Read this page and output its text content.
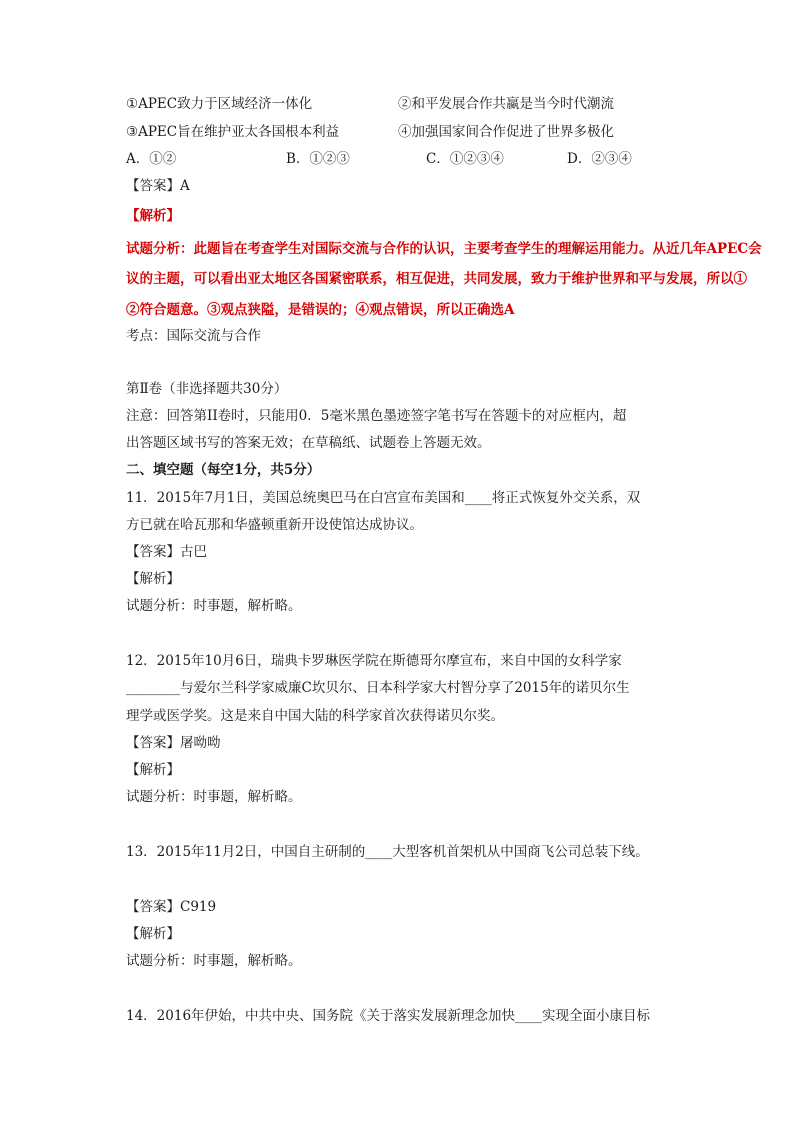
①APEC致力于区域经济一体化	②和平发展合作共赢是当今时代潮流
③APEC旨在维护亚太各国根本利益	④加强国家间合作促进了世界多极化
A．①②	B．①②③	C．①②③④	D．②③④
【答案】A
【解析】
试题分析：此题旨在考查学生对国际交流与合作的认识，主要考查学生的理解运用能力。从近几年APEC会
议的主题，可以看出亚太地区各国紧密联系，相互促进，共同发展，致力于维护世界和平与发展，所以①
②符合题意。③观点狭隘，是错误的；④观点错误，所以正确选A
考点：国际交流与合作
第Ⅱ卷（非选择题共30分）
注意：回答第II卷时，只能用0．5毫米黑色墨迹签字笔书写在答题卡的对应框内，超
出答题区域书写的答案无效；在草稿纸、试题卷上答题无效。
二、填空题（每空1分，共5分）
11．2015年7月1日，美国总统奥巴马在白宫宣布美国和____将正式恢复外交关系，双
方已就在哈瓦那和华盛顿重新开设使馆达成协议。
【答案】古巴
【解析】
试题分析：时事题，解析略。
12．2015年10月6日，瑞典卡罗琳医学院在斯德哥尔摩宣布，来自中国的女科学家
________与爱尔兰科学家威廉C坎贝尔、日本科学家大村智分享了2015年的诺贝尔生
理学或医学奖。这是来自中国大陆的科学家首次获得诺贝尔奖。
【答案】屠呦呦
【解析】
试题分析：时事题，解析略。
13．2015年11月2日，中国自主研制的____大型客机首架机从中国商飞公司总装下线。
【答案】C919
【解析】
试题分析：时事题，解析略。
14．2016年伊始，中共中央、国务院《关于落实发展新理念加快____实现全面小康目标
